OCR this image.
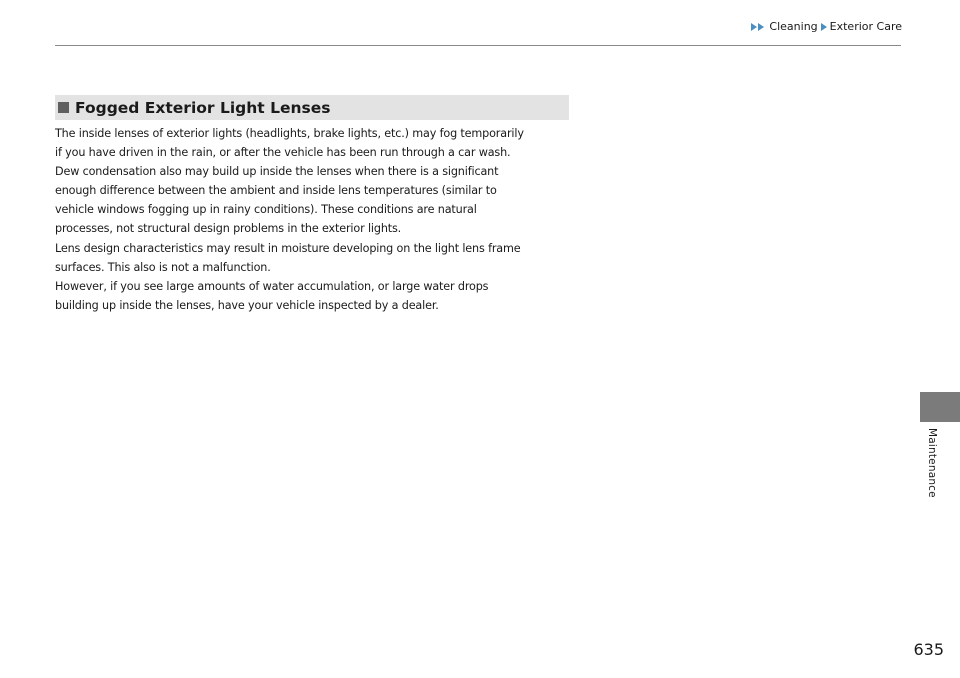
Cleaning Exterior Care
Fogged Exterior Light Lenses
The inside lenses of exterior lights (headlights, brake lights, etc.) may fog temporarily
if you have driven in the rain, or after the vehicle has been run through a car wash.
Dew condensation also may build up inside the lenses when there is a significant
enough difference between the ambient and inside lens temperatures (similar to
vehicle windows fogging up in rainy conditions). These conditions are natural
processes, not structural design problems in the exterior lights.
Lens design characteristics may result in moisture developing on the light lens frame
surfaces. This also is not a malfunction.
However, if you see large amounts of water accumulation, or large water drops
building up inside the lenses, have your vehicle inspected by a dealer.
Maintenance
635
